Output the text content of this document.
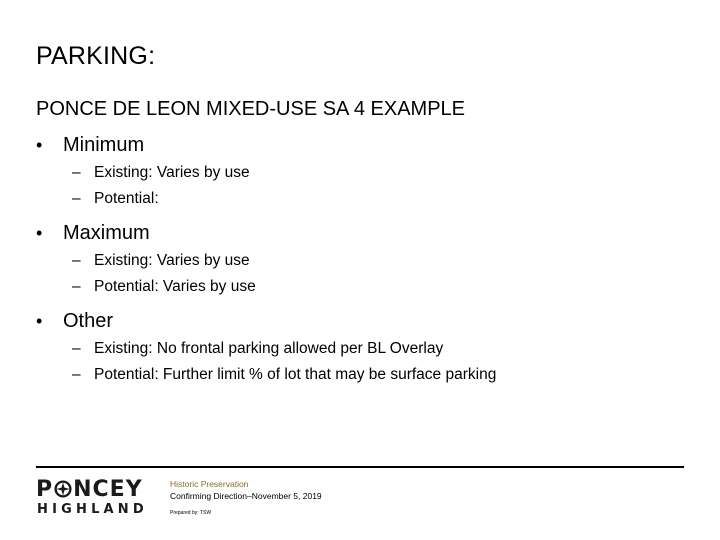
PARKING:
PONCE DE LEON MIXED-USE SA 4 EXAMPLE
• Minimum
– Existing: Varies by use
– Potential:
• Maximum
– Existing: Varies by use
– Potential: Varies by use
• Other
– Existing: No frontal parking allowed per BL Overlay
– Potential: Further limit % of lot that may be surface parking
P NCEY
HIGHLAND
Historic Preservation
Confirming Direction–November 5, 2019
Prepared by: TSW
